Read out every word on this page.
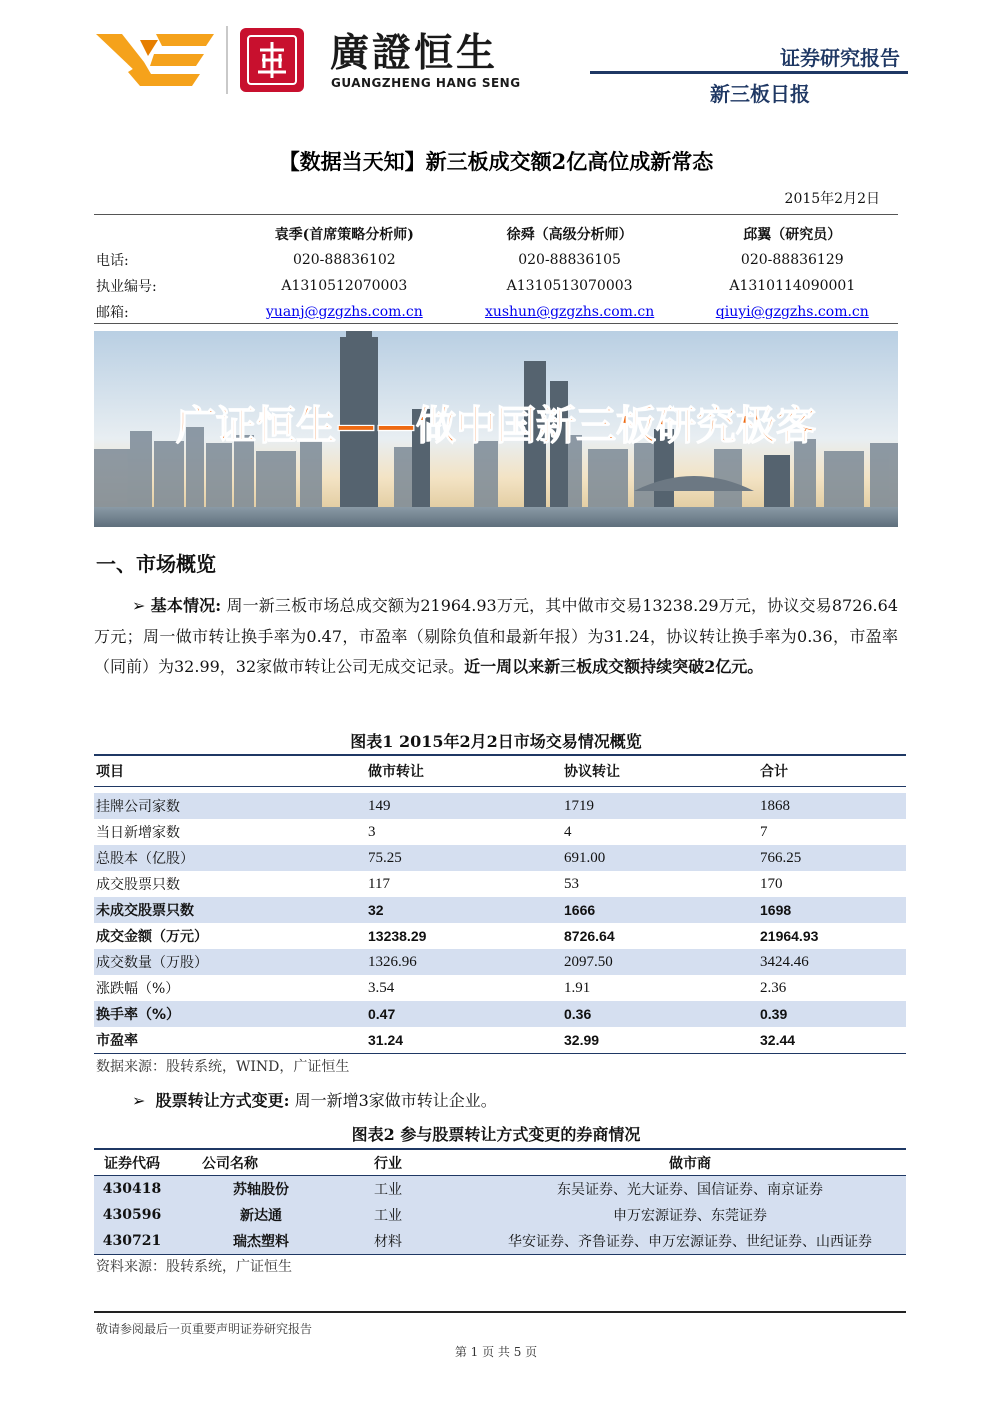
廣證恒生
GUANGZHENG HANG SENG
证券研究报告
新三板日报
【数据当天知】新三板成交额2亿高位成新常态
2015年2月2日
	袁季(首席策略分析师)	徐舜（高级分析师）	邱翼（研究员）
电话:	020-88836102	020-88836105	020-88836129
执业编号:	A1310512070003	A1310513070003	A1310114090001
邮箱:	yuanj@gzgzhs.com.cn	xushun@gzgzhs.com.cn	qiuyi@gzgzhs.com.cn
广证恒生——做中国新三板研究极客
一、市场概览
➢ 基本情况: 周一新三板市场总成交额为21964.93万元，其中做市交易13238.29万元，协议交易8726.64万元；周一做市转让换手率为0.47，市盈率（剔除负值和最新年报）为31.24，协议转让换手率为0.36，市盈率（同前）为32.99，32家做市转让公司无成交记录。近一周以来新三板成交额持续突破2亿元。
图表1 2015年2月2日市场交易情况概览
项目	做市转让	协议转让	合计

挂牌公司家数	149	1719	1868
当日新增家数	3	4	7
总股本（亿股）	75.25	691.00	766.25
成交股票只数	117	53	170
未成交股票只数	32	1666	1698
成交金额（万元）	13238.29	8726.64	21964.93
成交数量（万股）	1326.96	2097.50	3424.46
涨跌幅（%）	3.54	1.91	2.36
换手率（%）	0.47	0.36	0.39
市盈率	31.24	32.99	32.44
数据来源：股转系统，WIND，广证恒生
➢ 股票转让方式变更: 周一新增3家做市转让企业。
图表2 参与股票转让方式变更的券商情况
证券代码	公司名称	行业	做市商
430418	苏轴股份	工业	东吴证券、光大证券、国信证券、南京证券
430596	新达通	工业	申万宏源证券、东莞证券
430721	瑞杰塑料	材料	华安证券、齐鲁证券、申万宏源证券、世纪证券、山西证券
资料来源：股转系统，广证恒生
敬请参阅最后一页重要声明证券研究报告
第 1 页 共 5 页
